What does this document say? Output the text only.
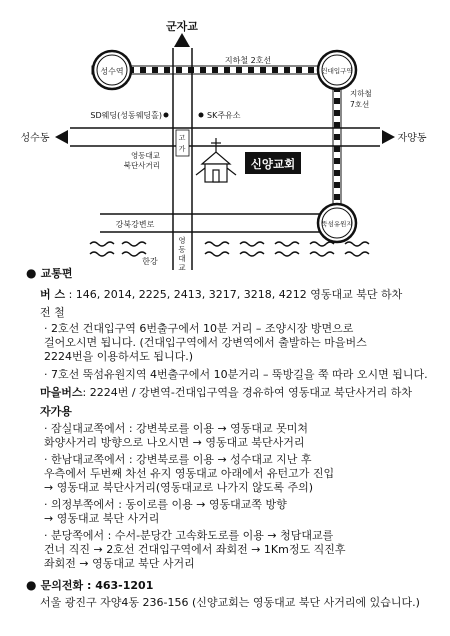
성수역	건대입구역
뚝섬유원지
군자교
지하철 2호선
지하철
7호선
SD웨딩(성동웨딩홀)	SK주유소
성수동	자양동
고
가
영동대교
북단사거리	신양교회
강북강변로
한강
영
동
대
교
● 교통편
버 스 : 146, 2014, 2225, 2413, 3217, 3218, 4212 영동대교 북단 하차
전 철
· 2호선 건대입구역 6번출구에서 10분 거리 – 조양시장 방면으로
걸어오시면 됩니다. (건대입구역에서 강변역에서 출발하는 마을버스
2224번을 이용하셔도 됩니다.)
· 7호선 뚝섬유원지역 4번출구에서 10분거리 – 뚝방길을 쭉 따라 오시면 됩니다.
마을버스: 2224번 / 강변역-건대입구역을 경유하여 영동대교 북단사거리 하차
자가용
· 잠실대교쪽에서 : 강변북로를 이용 → 영동대교 못미쳐
화양사거리 방향으로 나오시면 → 영동대교 북단사거리
· 한남대교쪽에서 : 강변북로를 이용 → 성수대교 지난 후
우측에서 두번째 차선 유지 영동대교 아래에서 유턴고가 진입
→ 영동대교 북단사거리(영동대교로 나가지 않도록 주의)
· 의정부쪽에서 : 동이로를 이용 → 영동대교쪽 방향
→ 영동대교 북단 사거리
· 분당쪽에서 : 수서-분당간 고속화도로를 이용 → 청담대교를
건너 직진 → 2호선 건대입구역에서 좌회전 → 1Km정도 직진후
좌회전 → 영동대교 북단 사거리
● 문의전화 : 463-1201
서울 광진구 자양4동 236-156 (신양교회는 영동대교 북단 사거리에 있습니다.)
